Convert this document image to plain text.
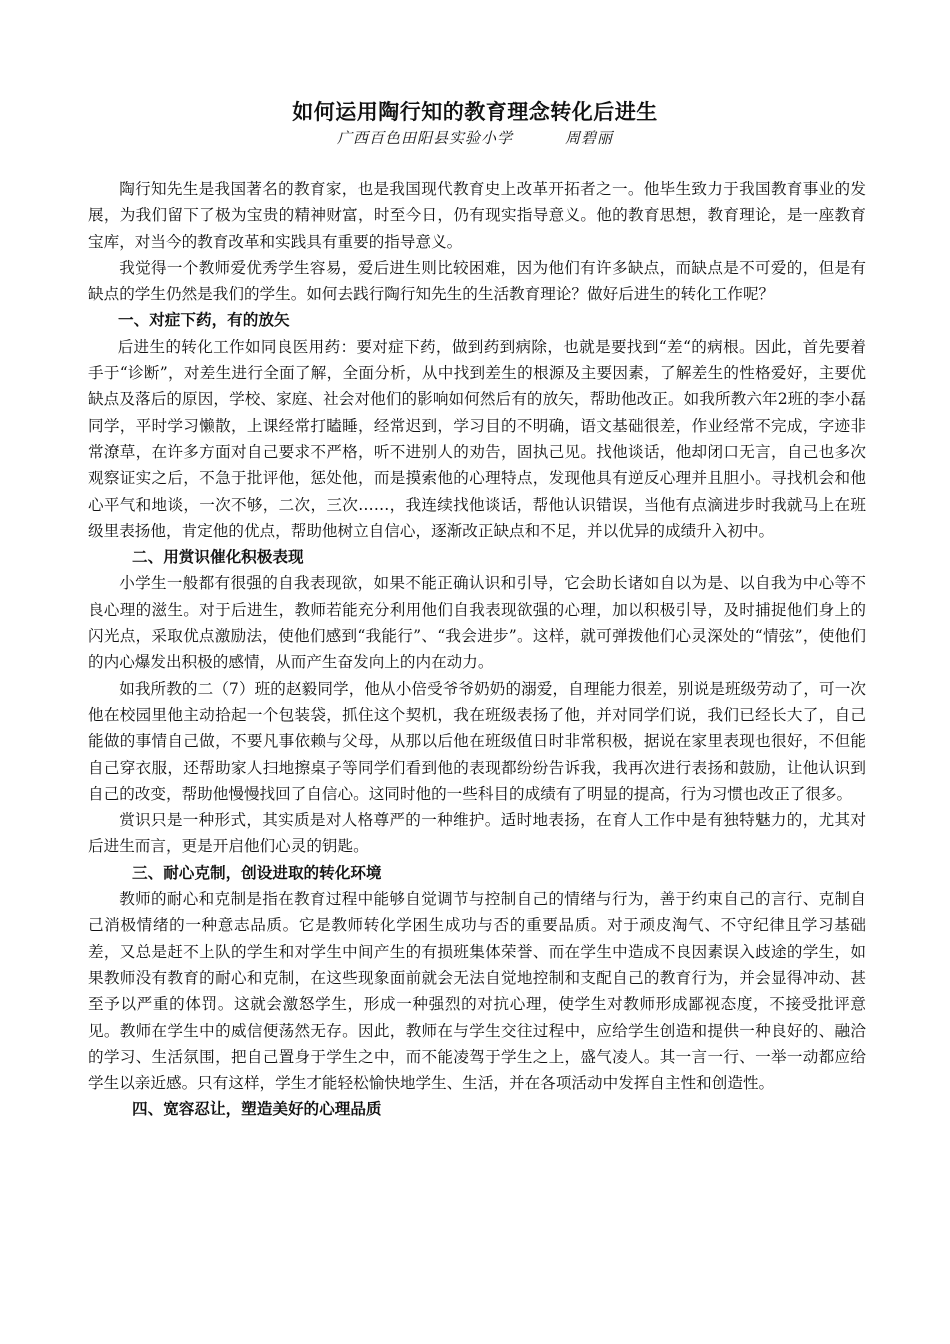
如何运用陶行知的教育理念转化后进生
广西百色田阳县实验小学	周碧丽

陶行知先生是我国著名的教育家，也是我国现代教育史上改革开拓者之一。他毕生致力于我国教育事业的发展，为我们留下了极为宝贵的精神财富，时至今日，仍有现实指导意义。他的教育思想，教育理论，是一座教育宝库，对当今的教育改革和实践具有重要的指导意义。

我觉得一个教师爱优秀学生容易，爱后进生则比较困难，因为他们有许多缺点，而缺点是不可爱的，但是有缺点的学生仍然是我们的学生。如何去践行陶行知先生的生活教育理论？做好后进生的转化工作呢？

一、对症下药，有的放矢

后进生的转化工作如同良医用药：要对症下药，做到药到病除，也就是要找到“差“的病根。因此，首先要着手于“诊断”，对差生进行全面了解，全面分析，从中找到差生的根源及主要因素，了解差生的性格爱好，主要优缺点及落后的原因，学校、家庭、社会对他们的影响如何然后有的放矢，帮助他改正。如我所教六年2班的李小磊同学，平时学习懒散，上课经常打瞌睡，经常迟到，学习目的不明确，语文基础很差，作业经常不完成，字迹非常潦草，在许多方面对自己要求不严格，听不进别人的劝告，固执己见。找他谈话，他却闭口无言，自己也多次观察证实之后，不急于批评他，惩处他，而是摸索他的心理特点，发现他具有逆反心理并且胆小。寻找机会和他心平气和地谈，一次不够，二次，三次……，我连续找他谈话，帮他认识错误，当他有点滴进步时我就马上在班级里表扬他，肯定他的优点，帮助他树立自信心，逐渐改正缺点和不足，并以优异的成绩升入初中。

二、用赏识催化积极表现

小学生一般都有很强的自我表现欲，如果不能正确认识和引导，它会助长诸如自以为是、以自我为中心等不良心理的滋生。对于后进生，教师若能充分利用他们自我表现欲强的心理，加以积极引导，及时捕捉他们身上的闪光点，采取优点激励法，使他们感到“我能行”、“我会进步”。这样，就可弹拨他们心灵深处的“情弦”，使他们的内心爆发出积极的感情，从而产生奋发向上的内在动力。

如我所教的二（7）班的赵毅同学，他从小倍受爷爷奶奶的溺爱，自理能力很差，别说是班级劳动了，可一次他在校园里他主动拾起一个包装袋，抓住这个契机，我在班级表扬了他，并对同学们说，我们已经长大了，自己能做的事情自己做，不要凡事依赖与父母，从那以后他在班级值日时非常积极，据说在家里表现也很好，不但能自己穿衣服，还帮助家人扫地擦桌子等同学们看到他的表现都纷纷告诉我，我再次进行表扬和鼓励，让他认识到自己的改变，帮助他慢慢找回了自信心。这同时他的一些科目的成绩有了明显的提高，行为习惯也改正了很多。

赏识只是一种形式，其实质是对人格尊严的一种维护。适时地表扬，在育人工作中是有独特魅力的，尤其对后进生而言，更是开启他们心灵的钥匙。

三、耐心克制，创设进取的转化环境

教师的耐心和克制是指在教育过程中能够自觉调节与控制自己的情绪与行为，善于约束自己的言行、克制自己消极情绪的一种意志品质。它是教师转化学困生成功与否的重要品质。对于顽皮淘气、不守纪律且学习基础差，又总是赶不上队的学生和对学生中间产生的有损班集体荣誉、而在学生中造成不良因素误入歧途的学生，如果教师没有教育的耐心和克制，在这些现象面前就会无法自觉地控制和支配自己的教育行为，并会显得冲动、甚至予以严重的体罚。这就会激怒学生，形成一种强烈的对抗心理，使学生对教师形成鄙视态度，不接受批评意见。教师在学生中的威信便荡然无存。因此，教师在与学生交往过程中，应给学生创造和提供一种良好的、融洽的学习、生活氛围，把自己置身于学生之中，而不能凌驾于学生之上，盛气凌人。其一言一行、一举一动都应给学生以亲近感。只有这样，学生才能轻松愉快地学生、生活，并在各项活动中发挥自主性和创造性。

四、宽容忍让，塑造美好的心理品质
